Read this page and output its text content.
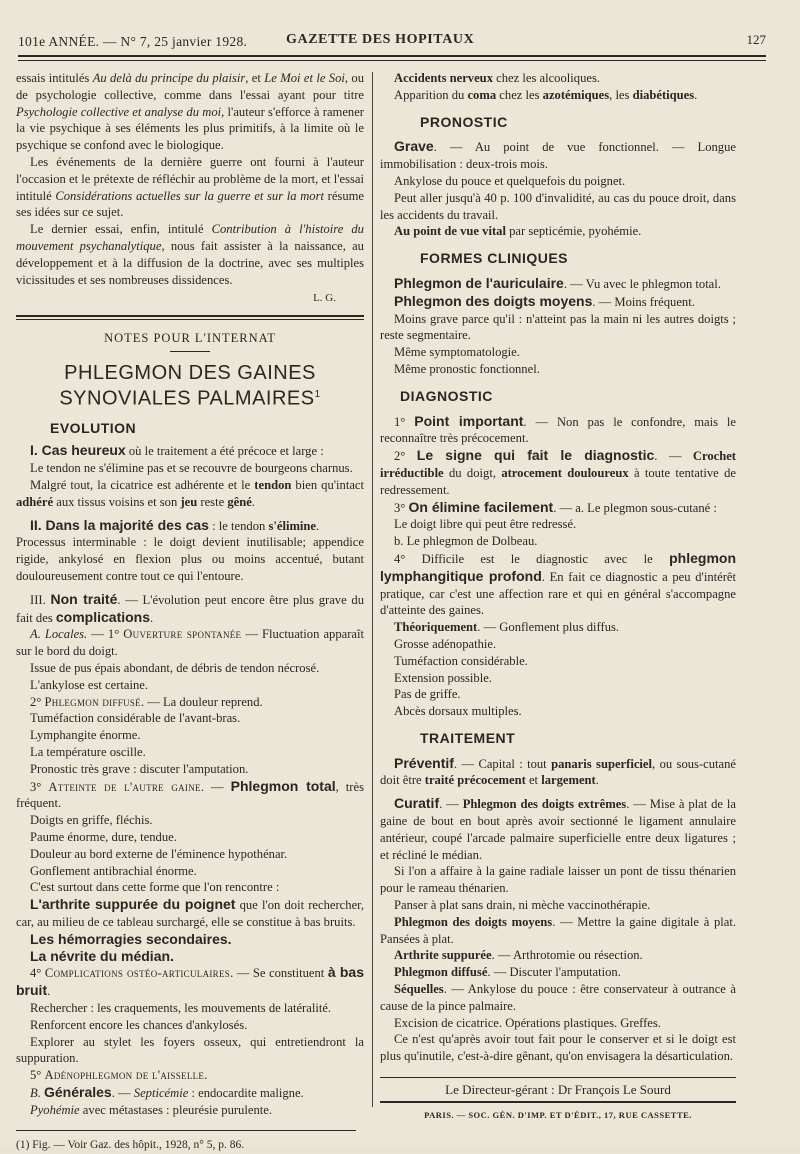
101e ANNÉE. — N° 7, 25 janvier 1928.	GAZETTE DES HOPITAUX	127

essais intitulés Au delà du principe du plaisir, et Le Moi et le Soi, ou de psychologie collective, comme dans l'essai ayant pour titre Psychologie collective et analyse du moi, l'auteur s'efforce à ramener la vie psychique à ses éléments les plus primitifs, à la limite où le psychique se confond avec le biologique.

Les événements de la dernière guerre ont fourni à l'auteur l'occasion et le prétexte de réfléchir au problème de la mort, et l'essai intitulé Considérations actuelles sur la guerre et sur la mort résume ses idées sur ce sujet.

Le dernier essai, enfin, intitulé Contribution à l'histoire du mouvement psychanalytique, nous fait assister à la naissance, au développement et à la diffusion de la doctrine, avec ses multiples vicissitudes et ses nombreuses dissidences.

L. G.

NOTES POUR L'INTERNAT

PHLEGMON DES GAINES SYNOVIALES PALMAIRES$^1$

EVOLUTION

I. Cas heureux où le traitement a été précoce et large :

Le tendon ne s'élimine pas et se recouvre de bourgeons charnus.

Malgré tout, la cicatrice est adhérente et le tendon bien qu'intact adhéré aux tissus voisins et son jeu reste gêné.

II. Dans la majorité des cas : le tendon s'élimine.

Processus interminable : le doigt devient inutilisable; appendice rigide, ankylosé en flexion plus ou moins accentué, butant douloureusement contre tout ce qui l'entoure.

III. Non traité. — L'évolution peut encore être plus grave du fait des complications.

A. Locales. — 1° Ouverture spontanée — Fluctuation apparaît sur le bord du doigt.

Issue de pus épais abondant, de débris de tendon nécrosé.

L'ankylose est certaine.

2° Phlegmon diffusé. — La douleur reprend.

Tuméfaction considérable de l'avant-bras.

Lymphangite énorme.

La température oscille.

Pronostic très grave : discuter l'amputation.

3° Atteinte de l'autre gaine. — Phlegmon total, très fréquent.

Doigts en griffe, fléchis.

Paume énorme, dure, tendue.

Douleur au bord externe de l'éminence hypothénar.

Gonflement antibrachial énorme.

C'est surtout dans cette forme que l'on rencontre :

L'arthrite suppurée du poignet que l'on doit rechercher, car, au milieu de ce tableau surchargé, elle se constitue à bas bruits.

Les hémorragies secondaires.

La névrite du médian.

4° Complications ostéo-articulaires. — Se constituent à bas bruit.

Rechercher : les craquements, les mouvements de latéralité.

Renforcent encore les chances d'ankylosés.

Explorer au stylet les foyers osseux, qui entretiendront la suppuration.

5° Adénophlegmon de l'aisselle.

B. Générales. — Septicémie : endocardite maligne.

Pyohémie avec métastases : pleurésie purulente.

(1) Fig. — Voir Gaz. des hôpit., 1928, n° 5, p. 86.

Accidents nerveux chez les alcooliques.

Apparition du coma chez les azotémiques, les diabétiques.

PRONOSTIC

Grave. — Au point de vue fonctionnel. — Longue immobilisation : deux-trois mois.

Ankylose du pouce et quelquefois du poignet.

Peut aller jusqu'à 40 p. 100 d'invalidité, au cas du pouce droit, dans les accidents du travail.

Au point de vue vital par septicémie, pyohémie.

FORMES CLINIQUES

Phlegmon de l'auriculaire. — Vu avec le phlegmon total.

Phlegmon des doigts moyens. — Moins fréquent.

Moins grave parce qu'il : n'atteint pas la main ni les autres doigts ; reste segmentaire.

Même symptomatologie.

Même pronostic fonctionnel.

DIAGNOSTIC

1° Point important. — Non pas le confondre, mais le reconnaître très précocement.

2° Le signe qui fait le diagnostic. — Crochet irréductible du doigt, atrocement douloureux à toute tentative de redressement.

3° On élimine facilement. — a. Le plegmon sous-cutané :

Le doigt libre qui peut être redressé.

b. Le phlegmon de Dolbeau.

4° Difficile est le diagnostic avec le phlegmon lymphangitique profond. En fait ce diagnostic a peu d'intérêt pratique, car c'est une affection rare et qui en général s'accompagne d'atteinte des gaines.

Théoriquement. — Gonflement plus diffus.

Grosse adénopathie.

Tuméfaction considérable.

Extension possible.

Pas de griffe.

Abcès dorsaux multiples.

TRAITEMENT

Préventif. — Capital : tout panaris superficiel, ou sous-cutané doit être traité précocement et largement.

Curatif. — Phlegmon des doigts extrêmes. — Mise à plat de la gaine de bout en bout après avoir sectionné le ligament annulaire antérieur, coupé l'arcade palmaire superficielle entre deux ligatures ; et récliné le médian.

Si l'on a affaire à la gaine radiale laisser un pont de tissu thénarien pour le rameau thénarien.

Panser à plat sans drain, ni mèche vaccinothérapie.

Phlegmon des doigts moyens. — Mettre la gaine digitale à plat. Pansées à plat.

Arthrite suppurée. — Arthrotomie ou résection.

Phlegmon diffusé. — Discuter l'amputation.

Séquelles. — Ankylose du pouce : être conservateur à outrance à cause de la pince palmaire.

Excision de cicatrice. Opérations plastiques. Greffes.

Ce n'est qu'après avoir tout fait pour le conserver et si le doigt est plus qu'inutile, c'est-à-dire gênant, qu'on envisagera la désarticulation.

Le Directeur-gérant : Dr François Le Sourd

PARIS. — SOC. GÉN. D'IMP. ET D'ÉDIT., 17, RUE CASSETTE.
